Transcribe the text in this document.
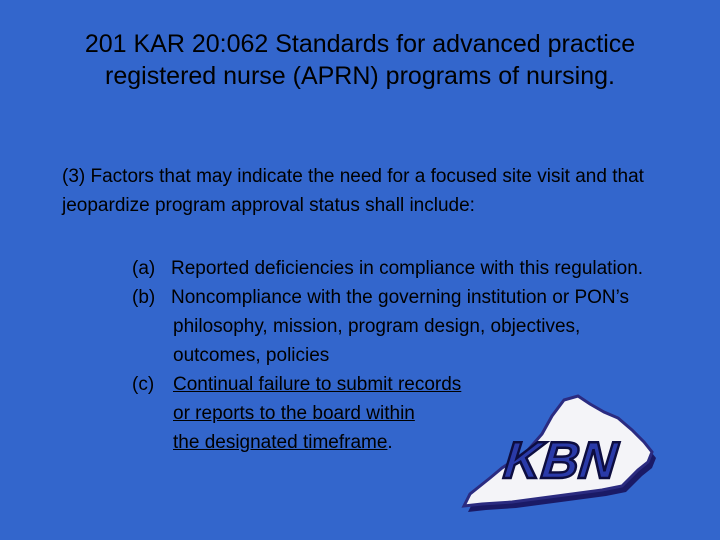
201 KAR 20:062 Standards for advanced practice registered nurse (APRN) programs of nursing.
(3) Factors that may indicate the need for a focused site visit and that jeopardize program approval status shall include:
(a) Reported deficiencies in compliance with this regulation.
(b) Noncompliance with the governing institution or PON’s philosophy, mission, program design, objectives, outcomes, policies
(c) Continual failure to submit records
or reports to the board within
the designated timeframe.	KBN
